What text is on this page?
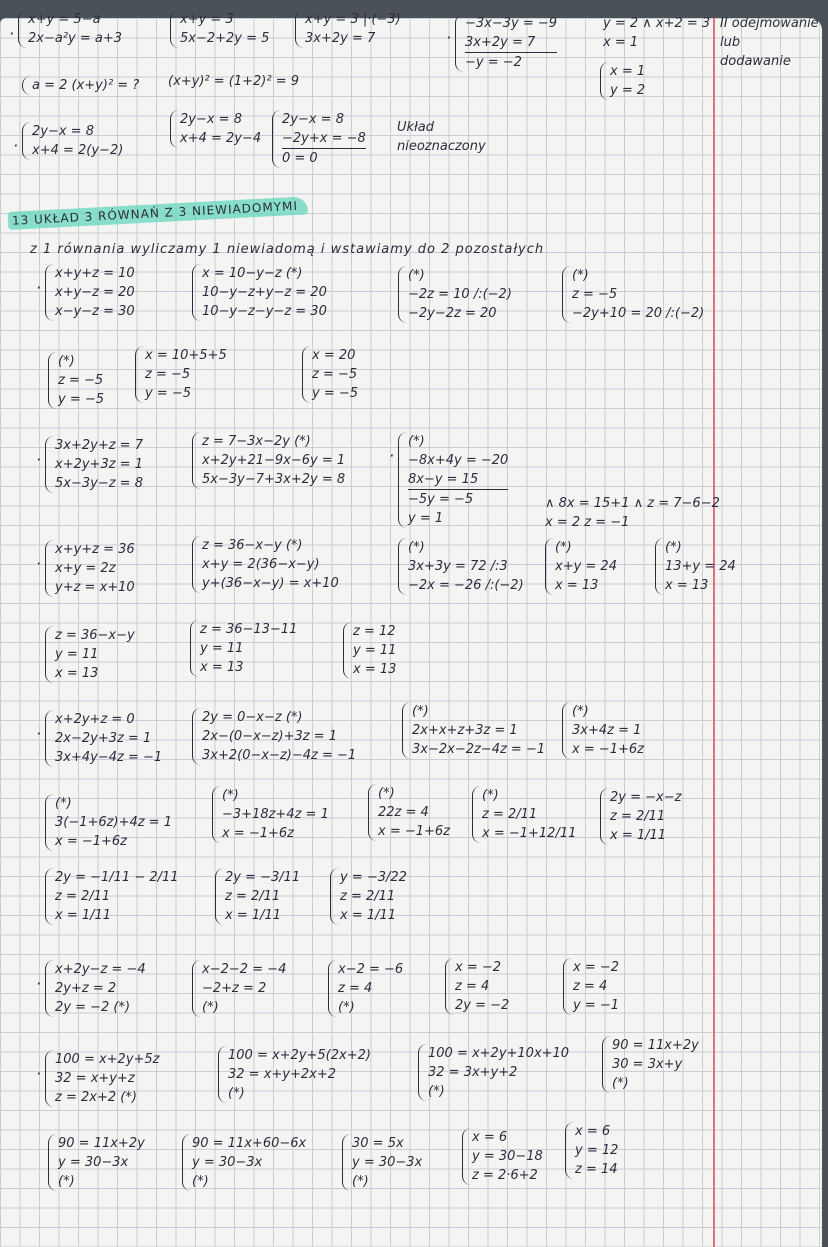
13 UKŁAD 3 RÓWNAŃ Z 3 NIEWIADOMYMI
z 1 równania wyliczamy 1 niewiadomą i wstawiamy do 2 pozostałych
· x+y = 5−a
2x−a²y = a+3
x+y = 3
5x−2+2y = 5
x+y = 3 |·(−3)
3x+2y = 7
· −3x−3y = −9
3x+2y = 7
−y = −2
y = 2 ∧ x+2 = 3
x = 1
x = 1
y = 2
II odejmowanie
lub
dodawanie
a = 2 (x+y)² = ? (x+y)² = (1+2)² = 9
· 2y−x = 8
x+4 = 2(y−2)
2y−x = 8
x+4 = 2y−4
2y−x = 8
−2y+x = −8
0 = 0
Układ
nieoznaczony
· x+y+z = 10
x+y−z = 20
x−y−z = 30
x = 10−y−z (*)
10−y−z+y−z = 20
10−y−z−y−z = 30
(*)
−2z = 10 /:(−2)
−2y−2z = 20
(*)
z = −5
−2y+10 = 20 /:(−2)
(*)
z = −5
y = −5
x = 10+5+5
z = −5
y = −5
x = 20
z = −5
y = −5
· 3x+2y+z = 7
x+2y+3z = 1
5x−3y−z = 8
z = 7−3x−2y (*)
x+2y+21−9x−6y = 1
5x−3y−7+3x+2y = 8
· (*)
−8x+4y = −20
8x−y = 15
−5y = −5
y = 1
∧ 8x = 15+1 ∧ z = 7−6−2
x = 2 z = −1
· x+y+z = 36
x+y = 2z
y+z = x+10
z = 36−x−y (*)
x+y = 2(36−x−y)
y+(36−x−y) = x+10
(*)
3x+3y = 72 /:3
−2x = −26 /:(−2)
(*)
x+y = 24
x = 13
(*)
13+y = 24
x = 13
z = 36−x−y
y = 11
x = 13
z = 36−13−11
y = 11
x = 13
z = 12
y = 11
x = 13
· x+2y+z = 0
2x−2y+3z = 1
3x+4y−4z = −1
2y = 0−x−z (*)
2x−(0−x−z)+3z = 1
3x+2(0−x−z)−4z = −1
(*)
2x+x+z+3z = 1
3x−2x−2z−4z = −1
(*)
3x+4z = 1
x = −1+6z
(*)
3(−1+6z)+4z = 1
x = −1+6z
(*)
−3+18z+4z = 1
x = −1+6z
(*)
22z = 4
x = −1+6z
(*)
z = 2/11
x = −1+12/11
2y = −x−z
z = 2/11
x = 1/11
2y = −1/11 − 2/11
z = 2/11
x = 1/11
2y = −3/11
z = 2/11
x = 1/11
y = −3/22
z = 2/11
x = 1/11
· x+2y−z = −4
2y+z = 2
2y = −2 (*)
x−2−2 = −4
−2+z = 2
(*)
x−2 = −6
z = 4
(*)
x = −2
z = 4
2y = −2
x = −2
z = 4
y = −1
· 100 = x+2y+5z
32 = x+y+z
z = 2x+2 (*)
100 = x+2y+5(2x+2)
32 = x+y+2x+2
(*)
100 = x+2y+10x+10
32 = 3x+y+2
(*)
90 = 11x+2y
30 = 3x+y
(*)
90 = 11x+2y
y = 30−3x
(*)
90 = 11x+60−6x
y = 30−3x
(*)
30 = 5x
y = 30−3x
(*)
x = 6
y = 30−18
z = 2·6+2
x = 6
y = 12
z = 14
